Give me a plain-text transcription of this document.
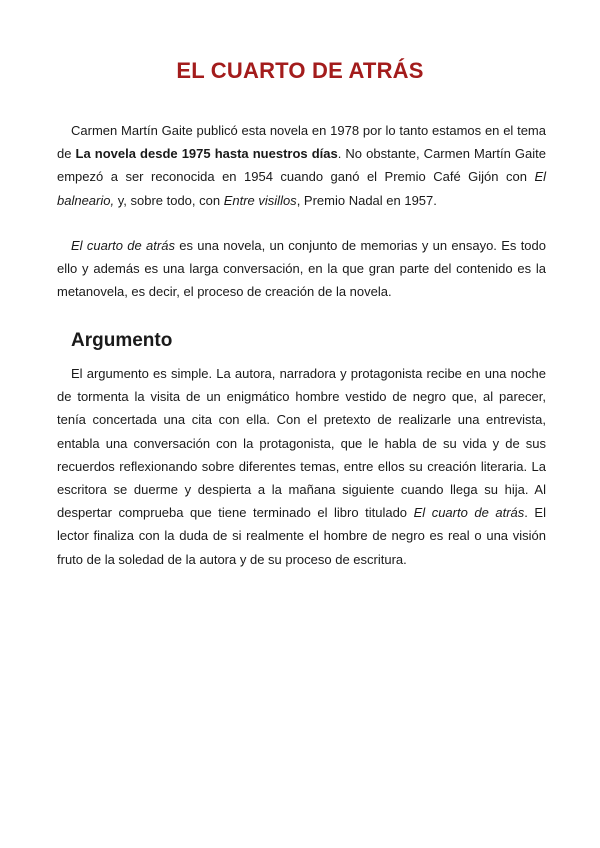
EL CUARTO DE ATRÁS

Carmen Martín Gaite publicó esta novela en 1978 por lo tanto estamos en el tema de La novela desde 1975 hasta nuestros días. No obstante, Carmen Martín Gaite empezó a ser reconocida en 1954 cuando ganó el Premio Café Gijón con El balneario, y, sobre todo, con Entre visillos, Premio Nadal en 1957.

El cuarto de atrás es una novela, un conjunto de memorias y un ensayo. Es todo ello y además es una larga conversación, en la que gran parte del contenido es la metanovela, es decir, el proceso de creación de la novela.

Argumento

El argumento es simple. La autora, narradora y protagonista recibe en una noche de tormenta la visita de un enigmático hombre vestido de negro que, al parecer, tenía concertada una cita con ella. Con el pretexto de realizarle una entrevista, entabla una conversación con la protagonista, que le habla de su vida y de sus recuerdos reflexionando sobre diferentes temas, entre ellos su creación literaria. La escritora se duerme y despierta a la mañana siguiente cuando llega su hija. Al despertar comprueba que tiene terminado el libro titulado El cuarto de atrás. El lector finaliza con la duda de si realmente el hombre de negro es real o una visión fruto de la soledad de la autora y de su proceso de escritura.
